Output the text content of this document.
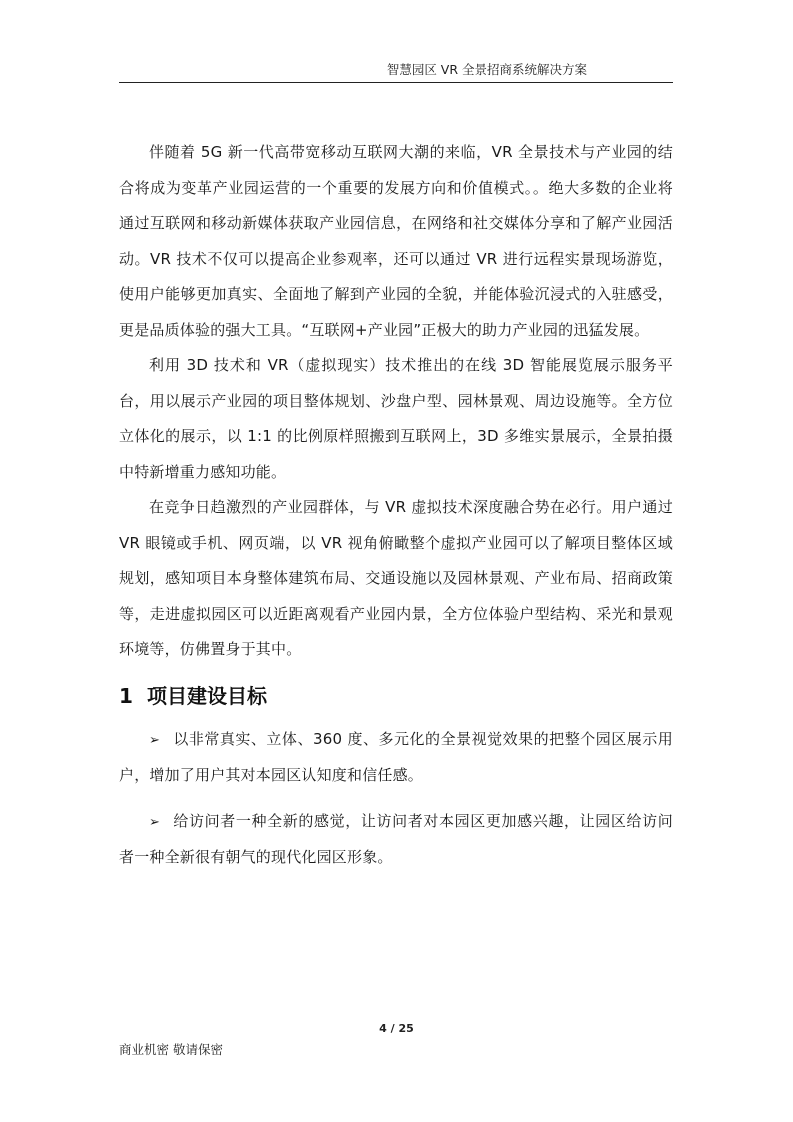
智慧园区 VR 全景招商系统解决方案

伴随着 5G 新一代高带宽移动互联网大潮的来临，VR 全景技术与产业园的结合将成为变革产业园运营的一个重要的发展方向和价值模式。。绝大多数的企业将通过互联网和移动新媒体获取产业园信息，在网络和社交媒体分享和了解产业园活动。VR 技术不仅可以提高企业参观率，还可以通过 VR 进行远程实景现场游览，使用户能够更加真实、全面地了解到产业园的全貌，并能体验沉浸式的入驻感受，更是品质体验的强大工具。“互联网+产业园”正极大的助力产业园的迅猛发展。

利用 3D 技术和 VR（虚拟现实）技术推出的在线 3D 智能展览展示服务平台，用以展示产业园的项目整体规划、沙盘户型、园林景观、周边设施等。全方位立体化的展示，以 1:1 的比例原样照搬到互联网上，3D 多维实景展示，全景拍摄中特新增重力感知功能。

在竞争日趋激烈的产业园群体，与 VR 虚拟技术深度融合势在必行。用户通过 VR 眼镜或手机、网页端，以 VR 视角俯瞰整个虚拟产业园可以了解项目整体区域规划，感知项目本身整体建筑布局、交通设施以及园林景观、产业布局、招商政策等，走进虚拟园区可以近距离观看产业园内景，全方位体验户型结构、采光和景观环境等，仿佛置身于其中。

1 项目建设目标

➢ 以非常真实、立体、360 度、多元化的全景视觉效果的把整个园区展示用户，增加了用户其对本园区认知度和信任感。

➢ 给访问者一种全新的感觉，让访问者对本园区更加感兴趣，让园区给访问者一种全新很有朝气的现代化园区形象。

4 / 25
商业机密 敬请保密
